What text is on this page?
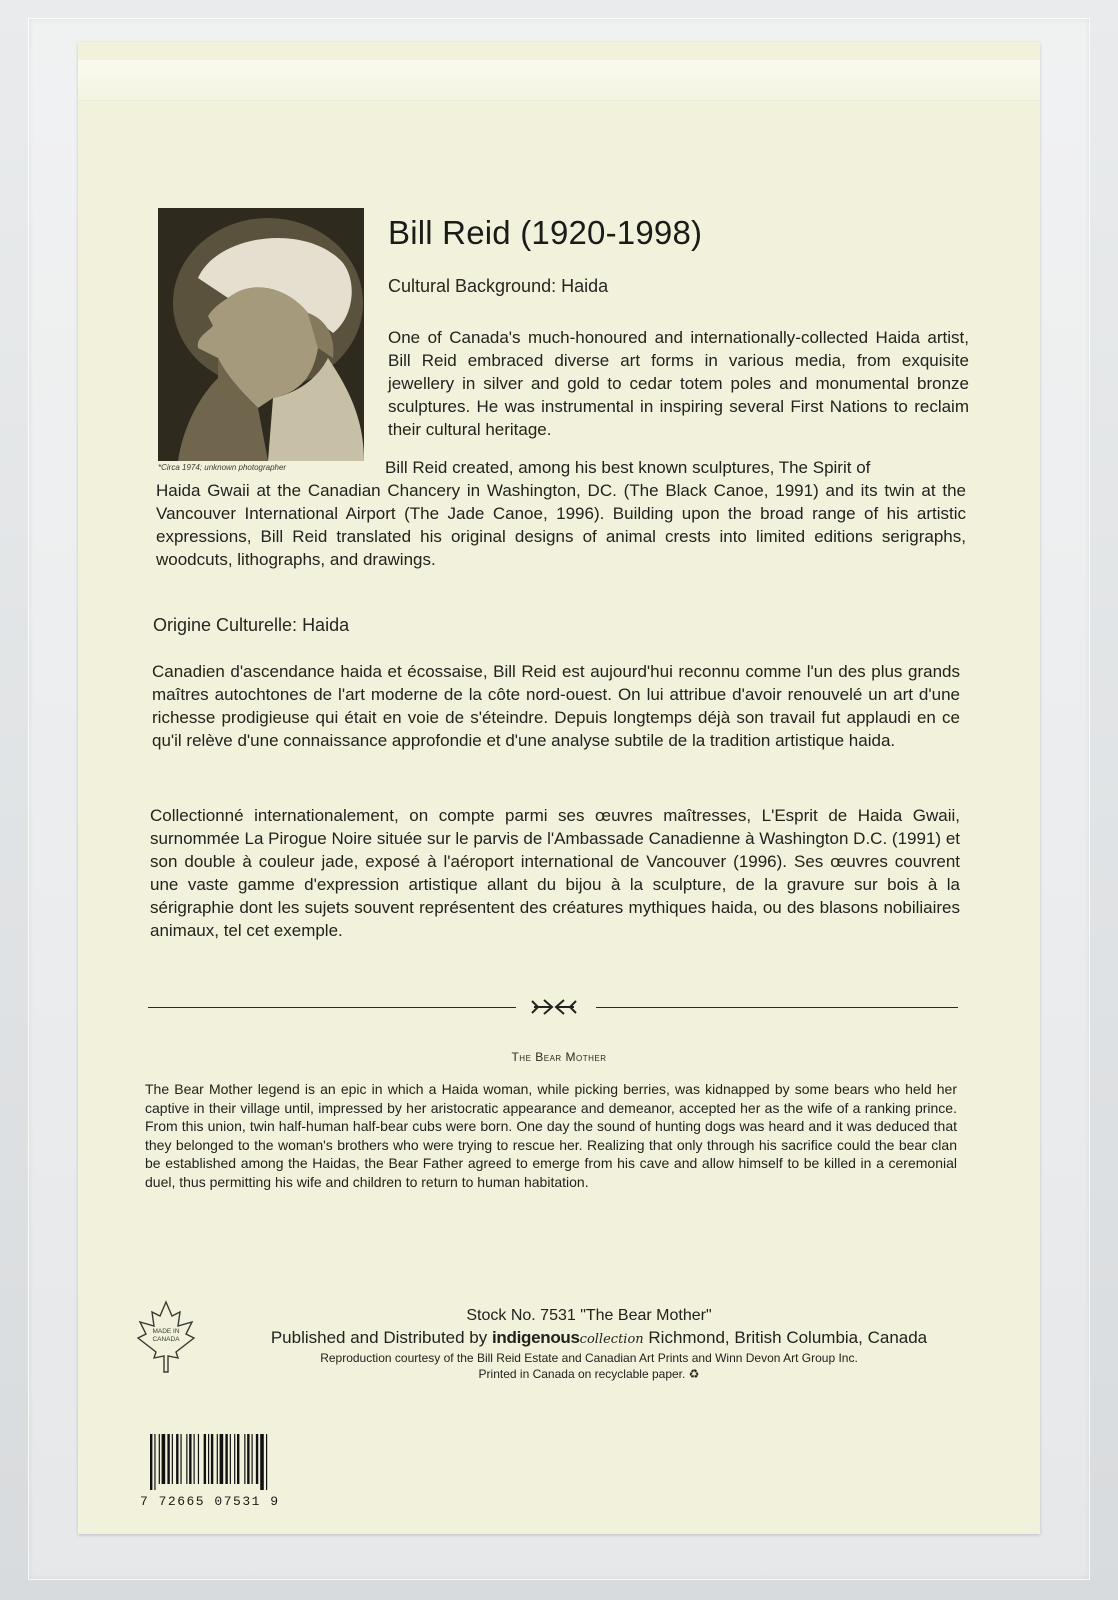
*Circa 1974; unknown photographer
Bill Reid (1920-1998)
Cultural Background: Haida
One of Canada's much-honoured and internationally-collected Haida artist, Bill Reid embraced diverse art forms in various media, from exquisite jewellery in silver and gold to cedar totem poles and monumental bronze sculptures. He was instrumental in inspiring several First Nations to reclaim their cultural heritage.
Bill Reid created, among his best known sculptures, The Spirit of
Haida Gwaii at the Canadian Chancery in Washington, DC. (The Black Canoe, 1991) and its twin at the Vancouver International Airport (The Jade Canoe, 1996). Building upon the broad range of his artistic expressions, Bill Reid translated his original designs of animal crests into limited editions serigraphs, woodcuts, lithographs, and drawings.
Origine Culturelle: Haida
Canadien d'ascendance haida et écossaise, Bill Reid est aujourd'hui reconnu comme l'un des plus grands maîtres autochtones de l'art moderne de la côte nord-ouest. On lui attribue d'avoir renouvelé un art d'une richesse prodigieuse qui était en voie de s'éteindre. Depuis longtemps déjà son travail fut applaudi en ce qu'il relève d'une connaissance approfondie et d'une analyse subtile de la tradition artistique haida.
Collectionné internationalement, on compte parmi ses œuvres maîtresses, L'Esprit de Haida Gwaii, surnommée La Pirogue Noire située sur le parvis de l'Ambassade Canadienne à Washington D.C. (1991) et son double à couleur jade, exposé à l'aéroport international de Vancouver (1996). Ses œuvres couvrent une vaste gamme d'expression artistique allant du bijou à la sculpture, de la gravure sur bois à la sérigraphie dont les sujets souvent représentent des créatures mythiques haida, ou des blasons nobiliaires animaux, tel cet exemple.
The Bear Mother
The Bear Mother legend is an epic in which a Haida woman, while picking berries, was kidnapped by some bears who held her captive in their village until, impressed by her aristocratic appearance and demeanor, accepted her as the wife of a ranking prince. From this union, twin half-human half-bear cubs were born. One day the sound of hunting dogs was heard and it was deduced that they belonged to the woman's brothers who were trying to rescue her. Realizing that only through his sacrifice could the bear clan be established among the Haidas, the Bear Father agreed to emerge from his cave and allow himself to be killed in a ceremonial duel, thus permitting his wife and children to return to human habitation.
MADE IN
CANADA
Stock No. 7531 "The Bear Mother"
Published and Distributed by indigenouscollection Richmond, British Columbia, Canada
Reproduction courtesy of the Bill Reid Estate and Canadian Art Prints and Winn Devon Art Group Inc.
Printed in Canada on recyclable paper. ♻
7 72665 07531 9
